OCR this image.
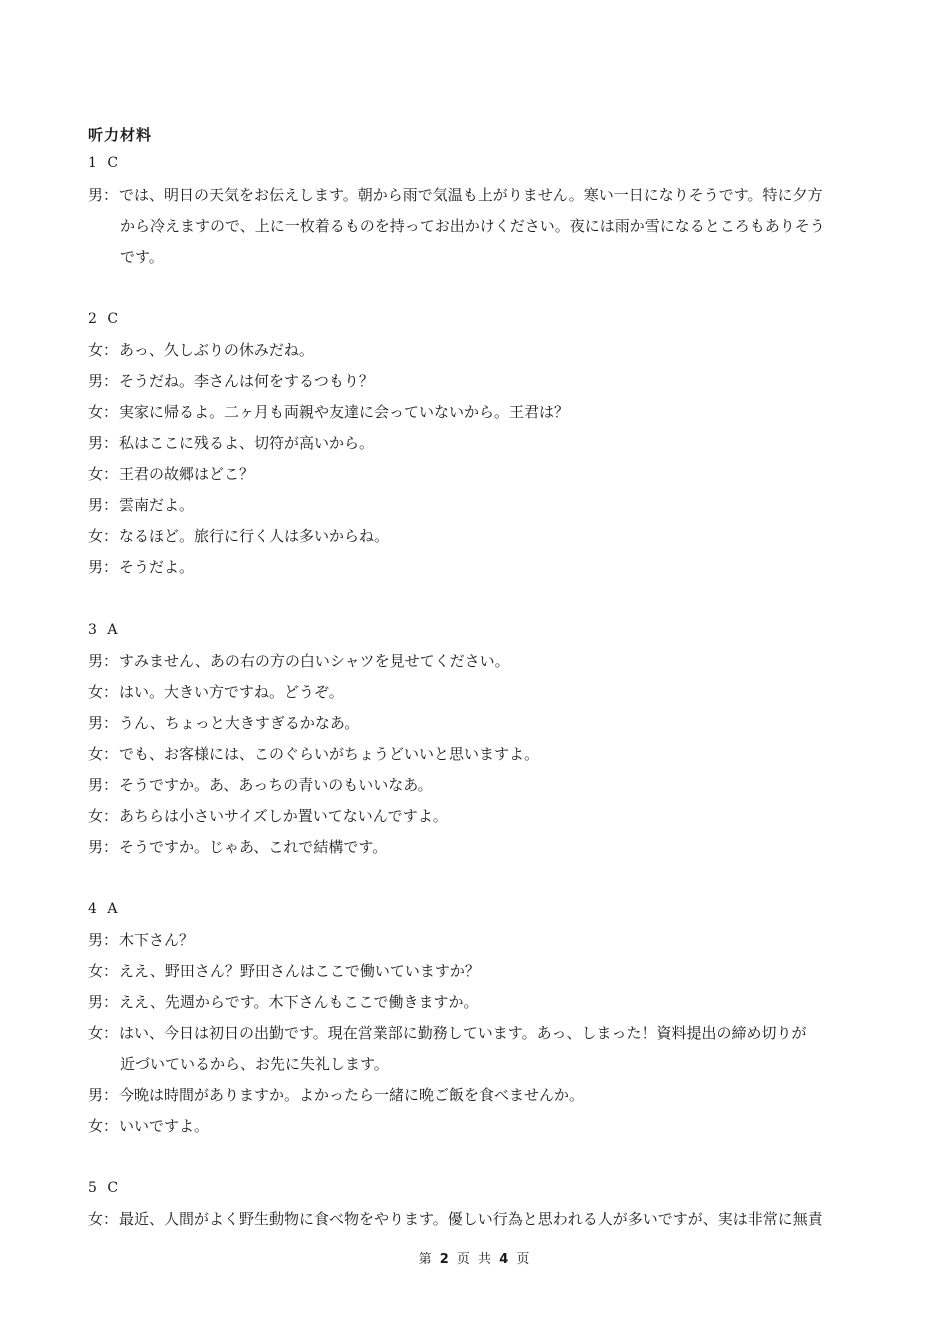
听力材料
1 C
男：では、明日の天気をお伝えします。朝から雨で気温も上がりません。寒い一日になりそうです。特に夕方
から冷えますので、上に一枚着るものを持ってお出かけください。夜には雨か雪になるところもありそう
です。
2 C
女：あっ、久しぶりの休みだね。
男：そうだね。李さんは何をするつもり？
女：実家に帰るよ。二ヶ月も両親や友達に会っていないから。王君は？
男：私はここに残るよ、切符が高いから。
女：王君の故郷はどこ？
男：雲南だよ。
女：なるほど。旅行に行く人は多いからね。
男：そうだよ。
3 A
男：すみません、あの右の方の白いシャツを見せてください。
女：はい。大きい方ですね。どうぞ。
男：うん、ちょっと大きすぎるかなあ。
女：でも、お客様には、このぐらいがちょうどいいと思いますよ。
男：そうですか。あ、あっちの青いのもいいなあ。
女：あちらは小さいサイズしか置いてないんですよ。
男：そうですか。じゃあ、これで結構です。
4 A
男：木下さん？
女：ええ、野田さん？野田さんはここで働いていますか？
男：ええ、先週からです。木下さんもここで働きますか。
女：はい、今日は初日の出勤です。現在営業部に勤務しています。あっ、しまった！資料提出の締め切りが
近づいているから、お先に失礼します。
男：今晩は時間がありますか。よかったら一緒に晩ご飯を食べませんか。
女：いいですよ。
5 C
女：最近、人間がよく野生動物に食べ物をやります。優しい行為と思われる人が多いですが、実は非常に無責
第 2 页 共 4 页
